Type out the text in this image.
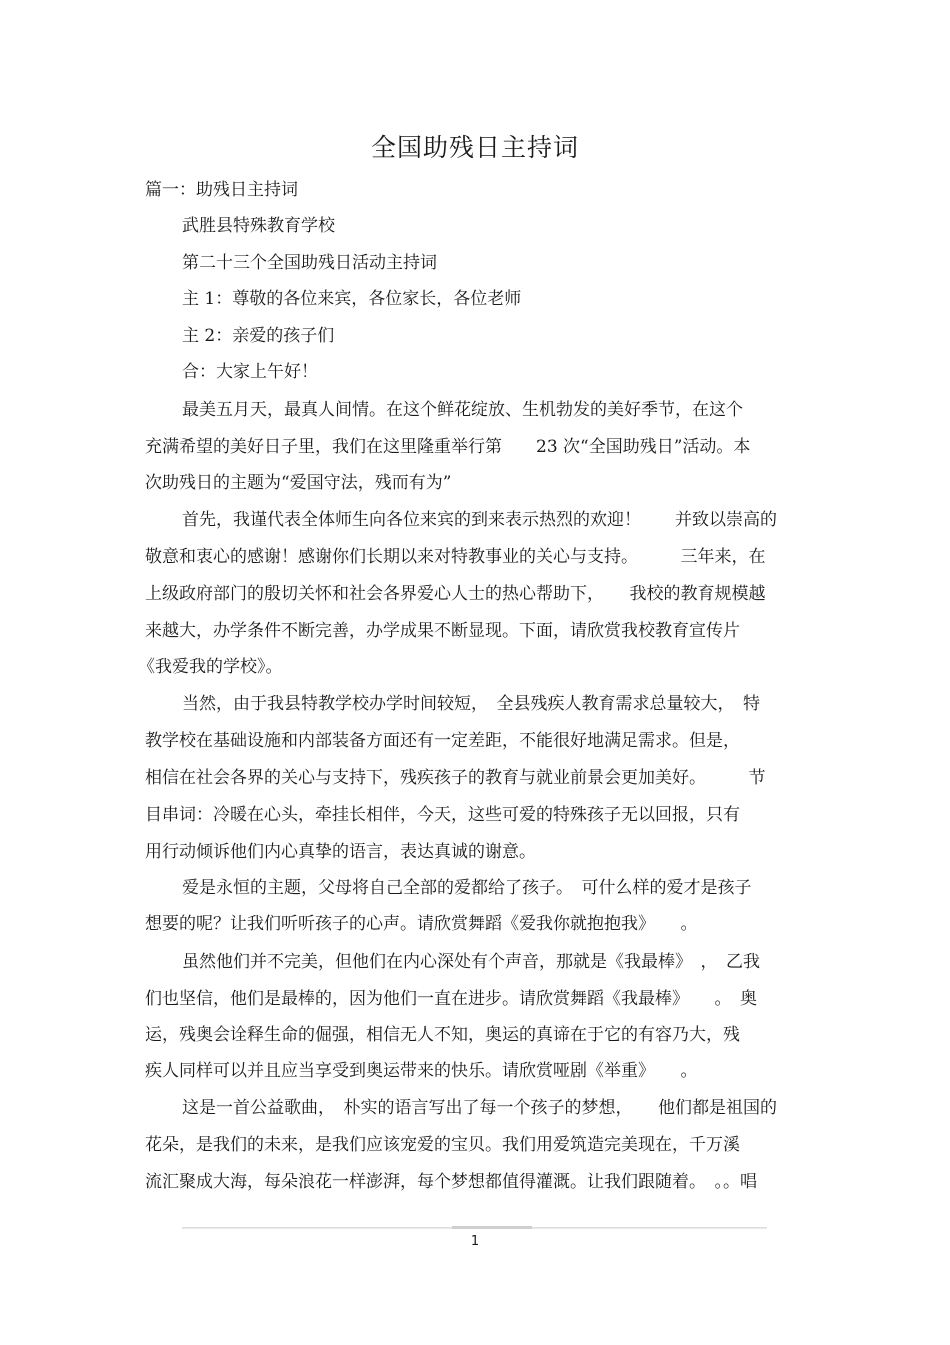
全国助残日主持词

篇一：助残日主持词

武胜县特殊教育学校

第二十三个全国助残日活动主持词

主 1：尊敬的各位来宾，各位家长，各位老师

主 2：亲爱的孩子们

合：大家上午好！

最美五月天，最真人间情。在这个鲜花绽放、生机勃发的美好季节，在这个

充满希望的美好日子里，我们在这里隆重举行第　　23 次“全国助残日”活动。本

次助残日的主题为“爱国守法，残而有为”

首先，我谨代表全体师生向各位来宾的到来表示热烈的欢迎！　　并致以崇高的

敬意和衷心的感谢！感谢你们长期以来对特教事业的关心与支持。　　　三年来，在

上级政府部门的殷切关怀和社会各界爱心人士的热心帮助下，　　我校的教育规模越

来越大，办学条件不断完善，办学成果不断显现。下面，请欣赏我校教育宣传片

《我爱我的学校》。

当然，由于我县特教学校办学时间较短，　全县残疾人教育需求总量较大，　特

教学校在基础设施和内部装备方面还有一定差距，不能很好地满足需求。但是，

相信在社会各界的关心与支持下，残疾孩子的教育与就业前景会更加美好。　　　节

目串词：冷暖在心头，牵挂长相伴，今天，这些可爱的特殊孩子无以回报，只有

用行动倾诉他们内心真挚的语言，表达真诚的谢意。

爱是永恒的主题，父母将自己全部的爱都给了孩子。　可什么样的爱才是孩子

想要的呢？让我们听听孩子的心声。请欣赏舞蹈《爱我你就抱抱我》　　。

虽然他们并不完美，但他们在内心深处有个声音，那就是《我最棒》　，　乙我

们也坚信，他们是最棒的，因为他们一直在进步。请欣赏舞蹈《我最棒》　　。　奥

运，残奥会诠释生命的倔强，相信无人不知，奥运的真谛在于它的有容乃大，残

疾人同样可以并且应当享受到奥运带来的快乐。请欣赏哑剧《举重》　　。

这是一首公益歌曲，　朴实的语言写出了每一个孩子的梦想，　　他们都是祖国的

花朵，是我们的未来，是我们应该宠爱的宝贝。我们用爱筑造完美现在，千万溪

流汇聚成大海，每朵浪花一样澎湃，每个梦想都值得灌溉。让我们跟随着。　。。唱

1
